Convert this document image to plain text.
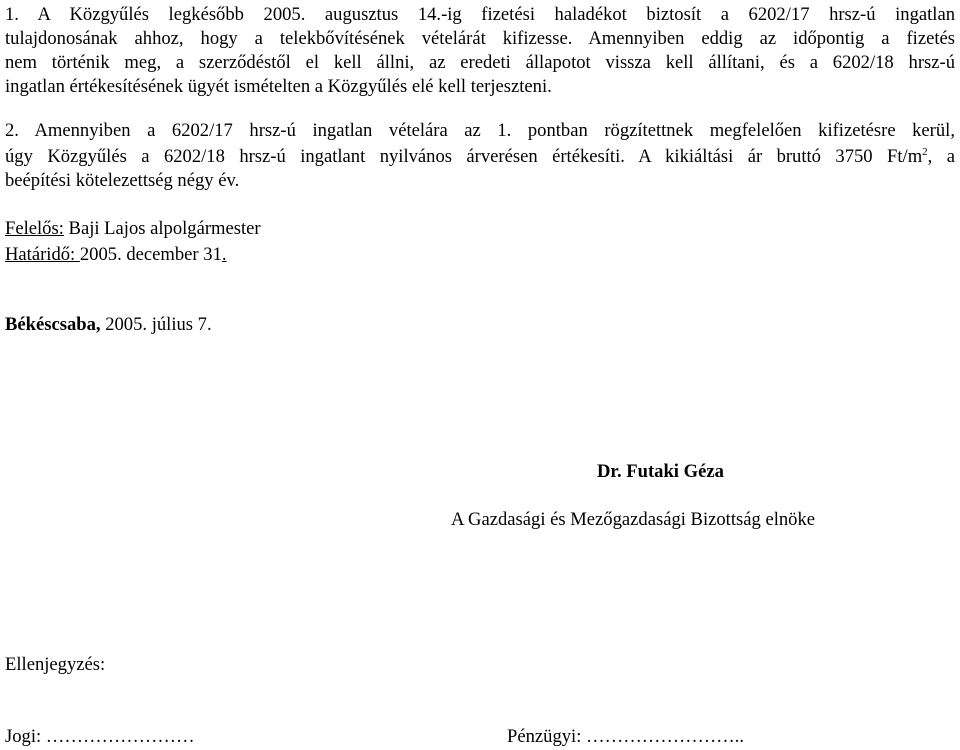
1. A Közgyűlés legkésőbb 2005. augusztus 14.-ig fizetési haladékot biztosít a 6202/17 hrsz-ú ingatlan
tulajdonosának ahhoz, hogy a telekbővítésének vételárát kifizesse. Amennyiben eddig az időpontig a fizetés
nem történik meg, a szerződéstől el kell állni, az eredeti állapotot vissza kell állítani, és a 6202/18 hrsz-ú
ingatlan értékesítésének ügyét ismételten a Közgyűlés elé kell terjeszteni.
2. Amennyiben a 6202/17 hrsz-ú ingatlan vételára az 1. pontban rögzítettnek megfelelően kifizetésre kerül,
úgy Közgyűlés a 6202/18 hrsz-ú ingatlant nyilvános árverésen értékesíti. A kikiáltási ár bruttó 3750 $Ft/m^2$, a
beépítési kötelezettség négy év.
Felelős: Baji Lajos alpolgármester
Határidő: 2005. december 31.
Békéscsaba, 2005. július 7.
Dr. Futaki Géza
A Gazdasági és Mezőgazdasági Bizottság elnöke
Ellenjegyzés:
Jogi: ……………………	Pénzügyi: ……………………..
